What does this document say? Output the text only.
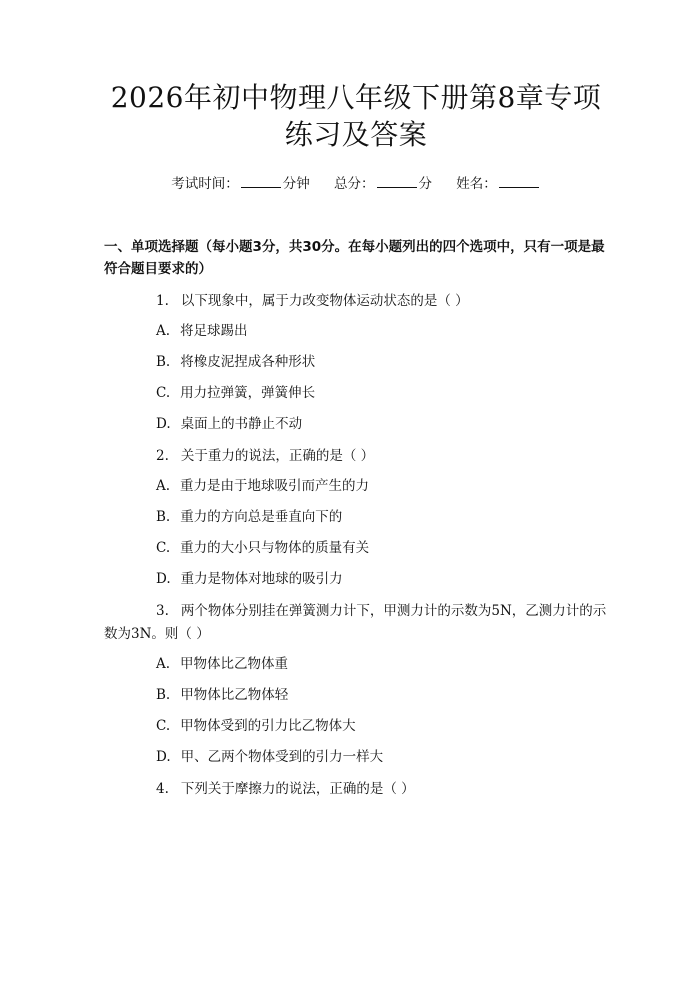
2026年初中物理八年级下册第8章专项练习及答案
考试时间：	分钟 总分：	分 姓名：
一、单项选择题（每小题3分，共30分。在每小题列出的四个选项中，只有一项是最符合题目要求的）
1. 以下现象中，属于力改变物体运动状态的是（ ）
A. 将足球踢出
B. 将橡皮泥捏成各种形状
C. 用力拉弹簧，弹簧伸长
D. 桌面上的书静止不动
2. 关于重力的说法，正确的是（ ）
A. 重力是由于地球吸引而产生的力
B. 重力的方向总是垂直向下的
C. 重力的大小只与物体的质量有关
D. 重力是物体对地球的吸引力
3. 两个物体分别挂在弹簧测力计下，甲测力计的示数为5N，乙测力计的示数为3N。则（ ）
A. 甲物体比乙物体重
B. 甲物体比乙物体轻
C. 甲物体受到的引力比乙物体大
D. 甲、乙两个物体受到的引力一样大
4. 下列关于摩擦力的说法，正确的是（ ）
